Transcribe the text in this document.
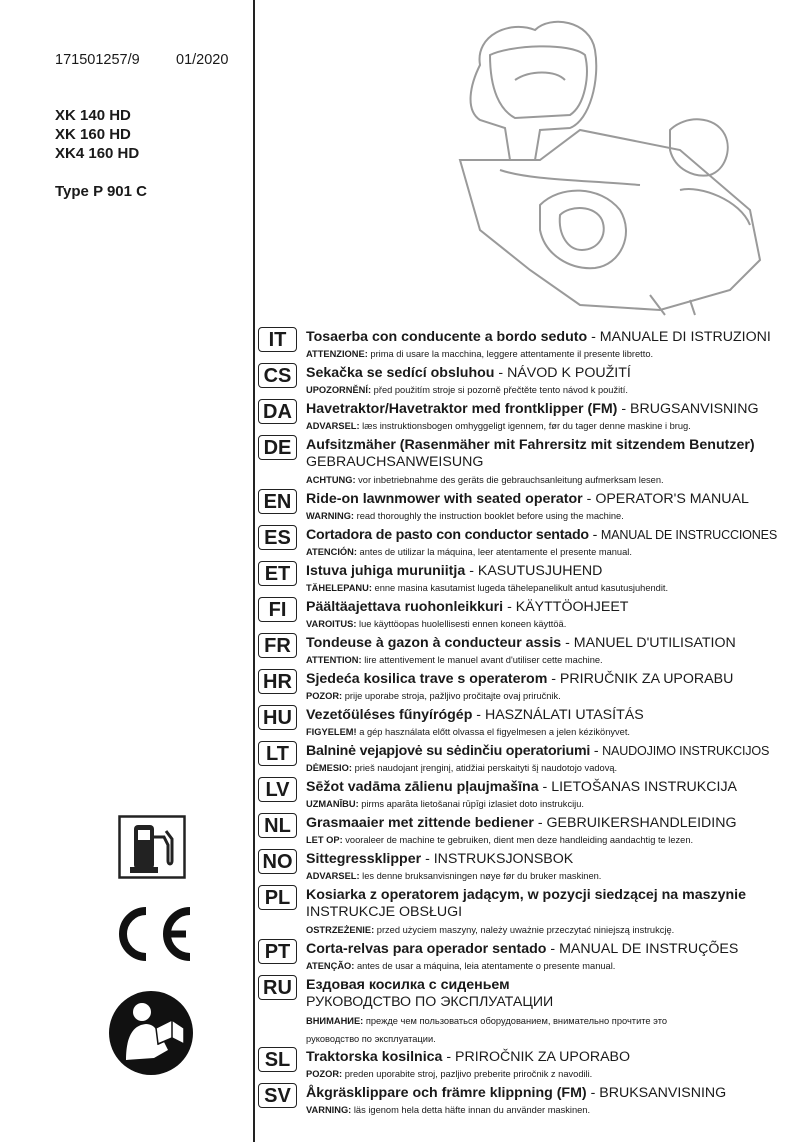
171501257/9	01/2020
XK 140 HD
XK 160 HD
XK4 160 HD
Type P 901 C
IT	Tosaerba con conducente a bordo seduto - MANUALE DI ISTRUZIONI
ATTENZIONE: prima di usare la macchina, leggere attentamente il presente libretto.
CS	Sekačka se sedící obsluhou - NÁVOD K POUŽITÍ
UPOZORNĚNÍ: před použitím stroje si pozorně přečtěte tento návod k použití.
DA Havetraktor/Havetraktor med frontklipper (FM) - BRUGSANVISNING
ADVARSEL: læs instruktionsbogen omhyggeligt igennem, før du tager denne maskine i brug.
DE	Aufsitzmäher (Rasenmäher mit Fahrersitz mit sitzendem Benutzer)
GEBRAUCHSANWEISUNG
ACHTUNG: vor inbetriebnahme des geräts die gebrauchsanleitung aufmerksam lesen.
EN	Ride-on lawnmower with seated operator - OPERATOR'S MANUAL
WARNING: read thoroughly the instruction booklet before using the machine.
ES	Cortadora de pasto con conductor sentado - MANUAL DE INSTRUCCIONES
ATENCIÓN: antes de utilizar la máquina, leer atentamente el presente manual.
ET	Istuva juhiga muruniitja - KASUTUSJUHEND
TÄHELEPANU: enne masina kasutamist lugeda tähelepanelikult antud kasutusjuhendit.
FI	Päältäajettava ruohonleikkuri - KÄYTTÖOHJEET
VAROITUS: lue käyttöopas huolellisesti ennen koneen käyttöä.
FR	Tondeuse à gazon à conducteur assis - MANUEL D'UTILISATION
ATTENTION: lire attentivement le manuel avant d'utiliser cette machine.
HR Sjedeća kosilica trave s operaterom - PRIRUČNIK ZA UPORABU
POZOR: prije uporabe stroja, pažljivo pročitajte ovaj priručnik.
HU Vezetőüléses fűnyírógép - HASZNÁLATI UTASÍTÁS
FIGYELEM! a gép használata előtt olvassa el figyelmesen a jelen kézikönyvet.
LT	Balninė vejapjovė su sėdinčiu operatoriumi - NAUDOJIMO INSTRUKCIJOS
DĖMESIO: prieš naudojant įrenginį, atidžiai perskaityti šį naudotojo vadovą.
LV	Sēžot vadāma zālienu pļaujmašīna - LIETOŠANAS INSTRUKCIJA
UZMANĪBU: pirms aparāta lietošanai rūpīgi izlasiet doto instrukciju.
NL	Grasmaaier met zittende bediener - GEBRUIKERSHANDLEIDING
LET OP: vooraleer de machine te gebruiken, dient men deze handleiding aandachtig te lezen.
NO Sittegressklipper - INSTRUKSJONSBOK
ADVARSEL: les denne bruksanvisningen nøye før du bruker maskinen.
PL	Kosiarka z operatorem jadącym, w pozycji siedzącej na maszynie
INSTRUKCJE OBSŁUGI
OSTRZEŻENIE: przed użyciem maszyny, należy uważnie przeczytać niniejszą instrukcję.
PT	Corta-relvas para operador sentado - MANUAL DE INSTRUÇÕES
ATENÇÃO: antes de usar a máquina, leia atentamente o presente manual.
RU Ездовая косилка с сиденьем
РУКОВОДСТВО ПО ЭКСПЛУАТАЦИИ
ВНИМАНИЕ: прежде чем пользоваться оборудованием, внимательно прочтите это
руководство по эксплуатации.
SL	Traktorska kosilnica - PRIROČNIK ZA UPORABO
POZOR: preden uporabite stroj, pazljivo preberite priročnik z navodili.
SV	Åkgräsklippare och främre klippning (FM) - BRUKSANVISNING
VARNING: läs igenom hela detta häfte innan du använder maskinen.
